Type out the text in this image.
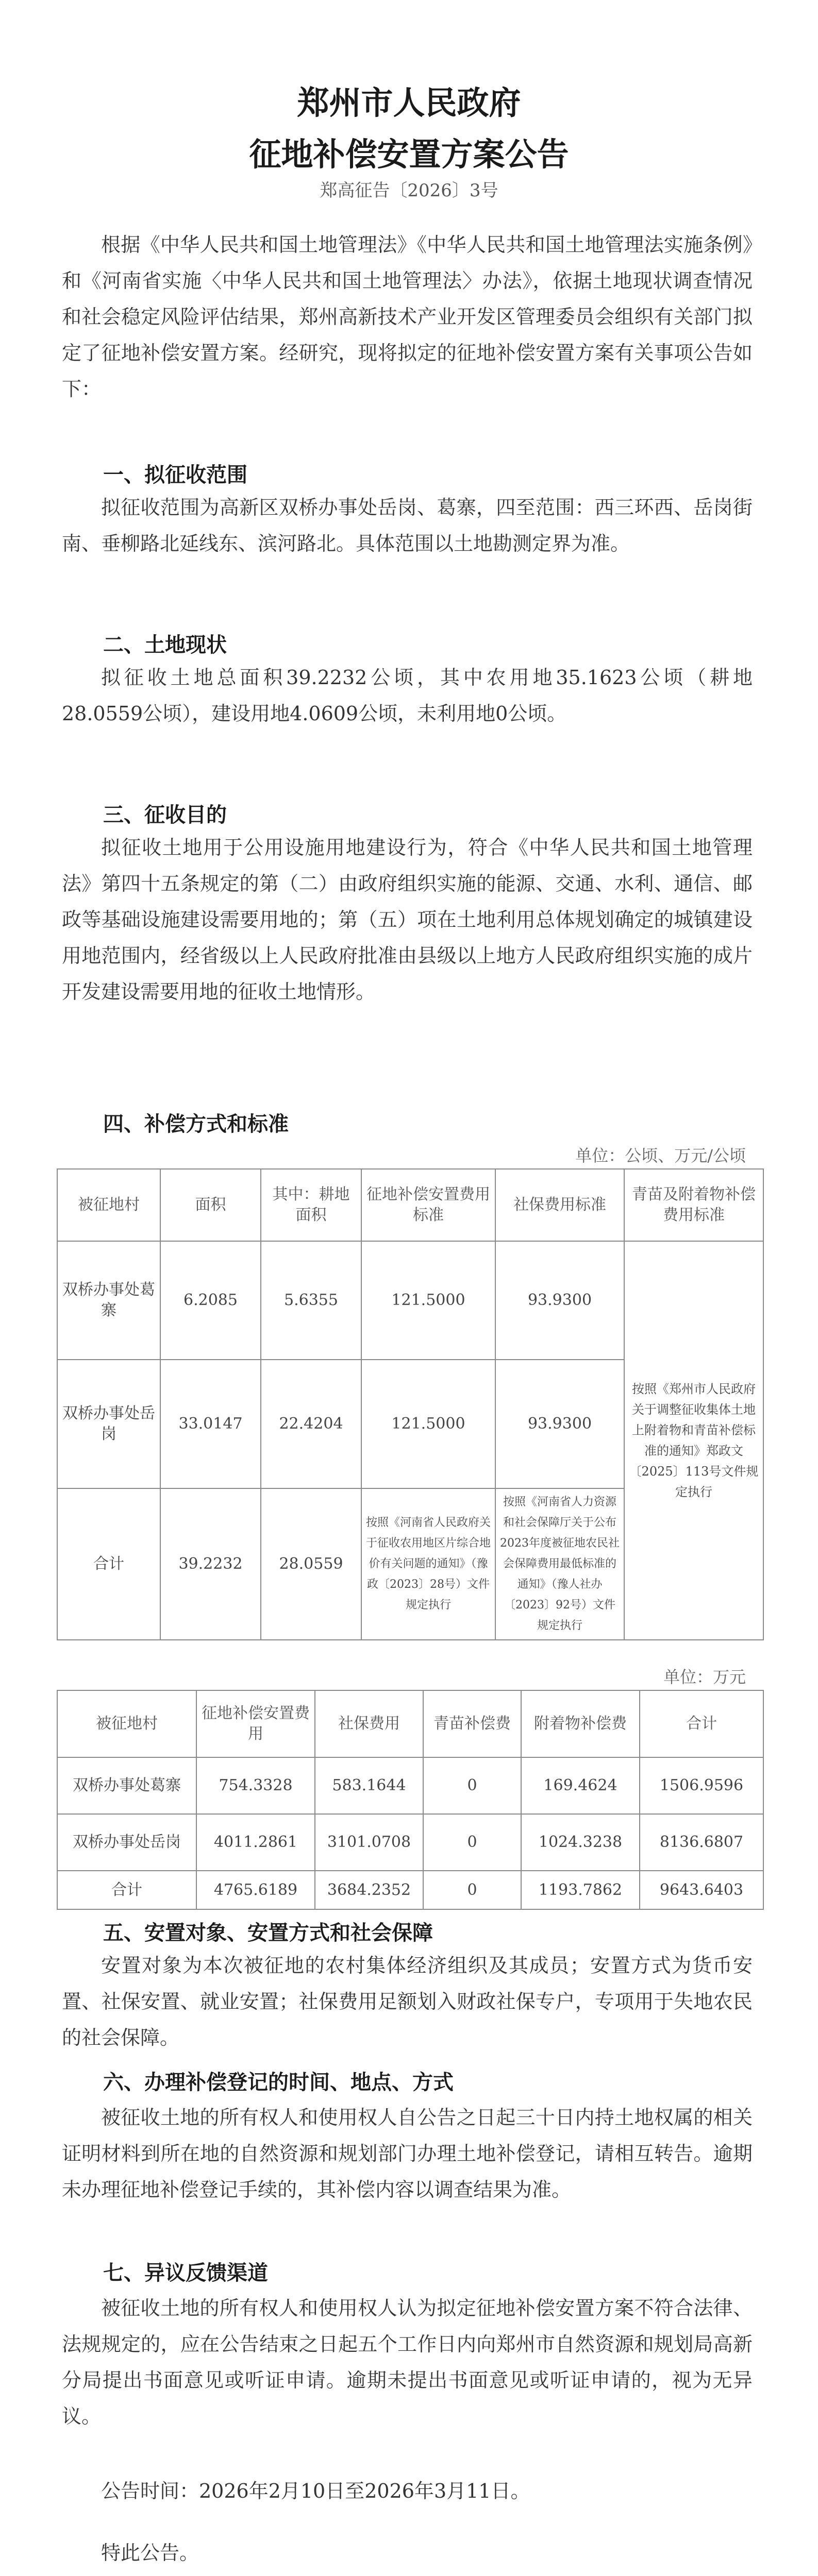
郑州市人民政府
征地补偿安置方案公告
郑高征告〔2026〕3号

根据《中华人民共和国土地管理法》《中华人民共和国土地管理法实施条例》和《河南省实施〈中华人民共和国土地管理法〉办法》，依据土地现状调查情况和社会稳定风险评估结果，郑州高新技术产业开发区管理委员会组织有关部门拟定了征地补偿安置方案。经研究，现将拟定的征地补偿安置方案有关事项公告如下：

一、拟征收范围

拟征收范围为高新区双桥办事处岳岗、葛寨，四至范围：西三环西、岳岗街南、垂柳路北延线东、滨河路北。具体范围以土地勘测定界为准。

二、土地现状

拟征收土地总面积39.2232公顷，其中农用地35.1623公顷（耕地28.0559公顷），建设用地4.0609公顷，未利用地0公顷。

三、征收目的

拟征收土地用于公用设施用地建设行为，符合《中华人民共和国土地管理法》第四十五条规定的第（二）由政府组织实施的能源、交通、水利、通信、邮政等基础设施建设需要用地的；第（五）项在土地利用总体规划确定的城镇建设用地范围内，经省级以上人民政府批准由县级以上地方人民政府组织实施的成片开发建设需要用地的征收土地情形。

四、补偿方式和标准
单位：公顷、万元/公顷
被征地村	面积	其中：耕地面积	征地补偿安置费用标准	社保费用标准	青苗及附着物补偿费用标准
双桥办事处葛寨	6.2085	5.6355	121.5000	93.9300	按照《郑州市人民政府关于调整征收集体土地上附着物和青苗补偿标准的通知》郑政文〔2025〕113号文件规定执行
双桥办事处岳岗	33.0147	22.4204	121.5000	93.9300	
合计	39.2232	28.0559	按照《河南省人民政府关于征收农用地区片综合地价有关问题的通知》（豫政〔2023〕28号）文件规定执行	按照《河南省人力资源和社会保障厅关于公布2023年度被征地农民社会保障费用最低标准的通知》（豫人社办〔2023〕92号）文件规定执行	
单位：万元
被征地村	征地补偿安置费用	社保费用	青苗补偿费	附着物补偿费	合计
双桥办事处葛寨	754.3328	583.1644	0	169.4624	1506.9596
双桥办事处岳岗	4011.2861	3101.0708	0	1024.3238	8136.6807
合计	4765.6189	3684.2352	0	1193.7862	9643.6403
五、安置对象、安置方式和社会保障

安置对象为本次被征地的农村集体经济组织及其成员；安置方式为货币安置、社保安置、就业安置；社保费用足额划入财政社保专户，专项用于失地农民的社会保障。

六、办理补偿登记的时间、地点、方式

被征收土地的所有权人和使用权人自公告之日起三十日内持土地权属的相关证明材料到所在地的自然资源和规划部门办理土地补偿登记，请相互转告。逾期未办理征地补偿登记手续的，其补偿内容以调查结果为准。

七、异议反馈渠道

被征收土地的所有权人和使用权人认为拟定征地补偿安置方案不符合法律、法规规定的，应在公告结束之日起五个工作日内向郑州市自然资源和规划局高新分局提出书面意见或听证申请。逾期未提出书面意见或听证申请的，视为无异议。

公告时间：2026年2月10日至2026年3月11日。

特此公告。
